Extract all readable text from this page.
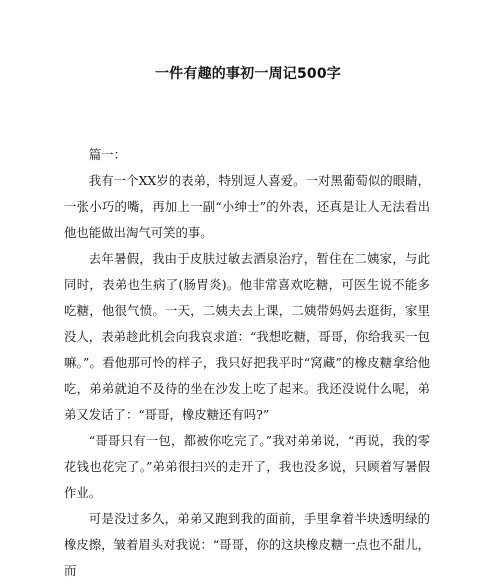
一件有趣的事初一周记500字

篇一：

我有一个XX岁的表弟，特别逗人喜爱。一对黑葡萄似的眼睛，一张小巧的嘴，再加上一副“小绅士”的外表，还真是让人无法看出他也能做出淘气可笑的事。

去年暑假，我由于皮肤过敏去酒泉治疗，暂住在二姨家，与此同时，表弟也生病了(肠胃炎)。他非常喜欢吃糖，可医生说不能多吃糖，他很气愤。一天，二姨夫去上课，二姨带妈妈去逛街，家里没人，表弟趁此机会向我哀求道：“我想吃糖，哥哥，你给我买一包嘛。”。看他那可怜的样子，我只好把我平时“窝藏”的橡皮糖拿给他吃，弟弟就迫不及待的坐在沙发上吃了起来。我还没说什么呢，弟弟又发话了：“哥哥，橡皮糖还有吗?”

“哥哥只有一包，都被你吃完了。”我对弟弟说，“再说，我的零花钱也花完了。”弟弟很扫兴的走开了，我也没多说，只顾着写暑假作业。

可是没过多久，弟弟又跑到我的面前，手里拿着半块透明绿的橡皮擦，皱着眉头对我说：“哥哥，你的这块橡皮糖一点也不甜儿，而
